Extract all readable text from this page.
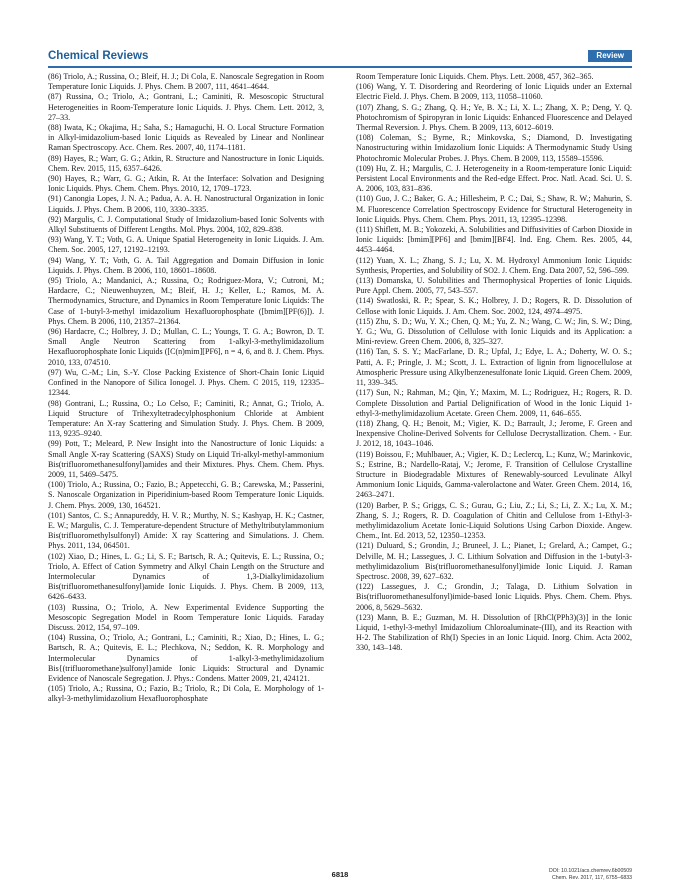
Chemical Reviews	Review

(86) Triolo, A.; Russina, O.; Bleif, H. J.; Di Cola, E. Nanoscale Segregation in Room Temperature Ionic Liquids. J. Phys. Chem. B 2007, 111, 4641–4644.

(87) Russina, O.; Triolo, A.; Gontrani, L.; Caminiti, R. Mesoscopic Structural Heterogeneities in Room-Temperature Ionic Liquids. J. Phys. Chem. Lett. 2012, 3, 27–33.

(88) Iwata, K.; Okajima, H.; Saha, S.; Hamaguchi, H. O. Local Structure Formation in Alkyl-imidazolium-based Ionic Liquids as Revealed by Linear and Nonlinear Raman Spectroscopy. Acc. Chem. Res. 2007, 40, 1174–1181.

(89) Hayes, R.; Warr, G. G.; Atkin, R. Structure and Nanostructure in Ionic Liquids. Chem. Rev. 2015, 115, 6357–6426.

(90) Hayes, R.; Warr, G. G.; Atkin, R. At the Interface: Solvation and Designing Ionic Liquids. Phys. Chem. Chem. Phys. 2010, 12, 1709–1723.

(91) Canongia Lopes, J. N. A.; Padua, A. A. H. Nanostructural Organization in Ionic Liquids. J. Phys. Chem. B 2006, 110, 3330–3335.

(92) Margulis, C. J. Computational Study of Imidazolium-based Ionic Solvents with Alkyl Substituents of Different Lengths. Mol. Phys. 2004, 102, 829–838.

(93) Wang, Y. T.; Voth, G. A. Unique Spatial Heterogeneity in Ionic Liquids. J. Am. Chem. Soc. 2005, 127, 12192–12193.

(94) Wang, Y. T.; Voth, G. A. Tail Aggregation and Domain Diffusion in Ionic Liquids. J. Phys. Chem. B 2006, 110, 18601–18608.

(95) Triolo, A.; Mandanici, A.; Russina, O.; Rodriguez-Mora, V.; Cutroni, M.; Hardacre, C.; Nieuwenhuyzen, M.; Bleif, H. J.; Keller, L.; Ramos, M. A. Thermodynamics, Structure, and Dynamics in Room Temperature Ionic Liquids: The Case of 1-butyl-3-methyl imidazolium Hexafluorophosphate ([bmim][PF(6)]). J. Phys. Chem. B 2006, 110, 21357–21364.

(96) Hardacre, C.; Holbrey, J. D.; Mullan, C. L.; Youngs, T. G. A.; Bowron, D. T. Small Angle Neutron Scattering from 1-alkyl-3-methylimidazolium Hexafluorophosphate Ionic Liquids ([C(n)mim][PF6], n = 4, 6, and 8. J. Chem. Phys. 2010, 133, 074510.

(97) Wu, C.-M.; Lin, S.-Y. Close Packing Existence of Short-Chain Ionic Liquid Confined in the Nanopore of Silica Ionogel. J. Phys. Chem. C 2015, 119, 12335–12344.

(98) Gontrani, L.; Russina, O.; Lo Celso, F.; Caminiti, R.; Annat, G.; Triolo, A. Liquid Structure of Trihexyltetradecylphosphonium Chloride at Ambient Temperature: An X-ray Scattering and Simulation Study. J. Phys. Chem. B 2009, 113, 9235–9240.

(99) Pott, T.; Meleard, P. New Insight into the Nanostructure of Ionic Liquids: a Small Angle X-ray Scattering (SAXS) Study on Liquid Tri-alkyl-methyl-ammonium Bis(trifluoromethanesulfonyl)amides and their Mixtures. Phys. Chem. Chem. Phys. 2009, 11, 5469–5475.

(100) Triolo, A.; Russina, O.; Fazio, B.; Appetecchi, G. B.; Carewska, M.; Passerini, S. Nanoscale Organization in Piperidinium-based Room Temperature Ionic Liquids. J. Chem. Phys. 2009, 130, 164521.

(101) Santos, C. S.; Annapureddy, H. V. R.; Murthy, N. S.; Kashyap, H. K.; Castner, E. W.; Margulis, C. J. Temperature-dependent Structure of Methyltributylammonium Bis(trifluoromethylsulfonyl) Amide: X ray Scattering and Simulations. J. Chem. Phys. 2011, 134, 064501.

(102) Xiao, D.; Hines, L. G.; Li, S. F.; Bartsch, R. A.; Quitevis, E. L.; Russina, O.; Triolo, A. Effect of Cation Symmetry and Alkyl Chain Length on the Structure and Intermolecular Dynamics of 1,3-Dialkylimidazolium Bis(trifluoromethanesulfonyl)amide Ionic Liquids. J. Phys. Chem. B 2009, 113, 6426–6433.

(103) Russina, O.; Triolo, A. New Experimental Evidence Supporting the Mesoscopic Segregation Model in Room Temperature Ionic Liquids. Faraday Discuss. 2012, 154, 97–109.

(104) Russina, O.; Triolo, A.; Gontrani, L.; Caminiti, R.; Xiao, D.; Hines, L. G.; Bartsch, R. A.; Quitevis, E. L.; Plechkova, N.; Seddon, K. R. Morphology and Intermolecular Dynamics of 1-alkyl-3-methylimidazolium Bis{(trifluoromethane)sulfonyl}amide Ionic Liquids: Structural and Dynamic Evidence of Nanoscale Segregation. J. Phys.: Condens. Matter 2009, 21, 424121.

(105) Triolo, A.; Russina, O.; Fazio, B.; Triolo, R.; Di Cola, E. Morphology of 1-alkyl-3-methylimidazolium Hexafluorophosphate

Room Temperature Ionic Liquids. Chem. Phys. Lett. 2008, 457, 362–365.

(106) Wang, Y. T. Disordering and Reordering of Ionic Liquids under an External Electric Field. J. Phys. Chem. B 2009, 113, 11058–11060.

(107) Zhang, S. G.; Zhang, Q. H.; Ye, B. X.; Li, X. L.; Zhang, X. P.; Deng, Y. Q. Photochromism of Spiropyran in Ionic Liquids: Enhanced Fluorescence and Delayed Thermal Reversion. J. Phys. Chem. B 2009, 113, 6012–6019.

(108) Coleman, S.; Byrne, R.; Minkovska, S.; Diamond, D. Investigating Nanostructuring within Imidazolium Ionic Liquids: A Thermodynamic Study Using Photochromic Molecular Probes. J. Phys. Chem. B 2009, 113, 15589–15596.

(109) Hu, Z. H.; Margulis, C. J. Heterogeneity in a Room-temperature Ionic Liquid: Persistent Local Environments and the Red-edge Effect. Proc. Natl. Acad. Sci. U. S. A. 2006, 103, 831–836.

(110) Guo, J. C.; Baker, G. A.; Hillesheim, P. C.; Dai, S.; Shaw, R. W.; Mahurin, S. M. Fluorescence Correlation Spectroscopy Evidence for Structural Heterogeneity in Ionic Liquids. Phys. Chem. Chem. Phys. 2011, 13, 12395–12398.

(111) Shiflett, M. B.; Yokozeki, A. Solubilities and Diffusivities of Carbon Dioxide in Ionic Liquids: [bmim][PF6] and [bmim][BF4]. Ind. Eng. Chem. Res. 2005, 44, 4453–4464.

(112) Yuan, X. L.; Zhang, S. J.; Lu, X. M. Hydroxyl Ammonium Ionic Liquids: Synthesis, Properties, and Solubility of SO2. J. Chem. Eng. Data 2007, 52, 596–599.

(113) Domanska, U. Solubilities and Thermophysical Properties of Ionic Liquids. Pure Appl. Chem. 2005, 77, 543–557.

(114) Swatloski, R. P.; Spear, S. K.; Holbrey, J. D.; Rogers, R. D. Dissolution of Cellose with Ionic Liquids. J. Am. Chem. Soc. 2002, 124, 4974–4975.

(115) Zhu, S. D.; Wu, Y. X.; Chen, Q. M.; Yu, Z. N.; Wang, C. W.; Jin, S. W.; Ding, Y. G.; Wu, G. Dissolution of Cellulose with Ionic Liquids and its Application: a Mini-review. Green Chem. 2006, 8, 325–327.

(116) Tan, S. S. Y.; MacFarlane, D. R.; Upfal, J.; Edye, L. A.; Doherty, W. O. S.; Patti, A. F.; Pringle, J. M.; Scott, J. L. Extraction of lignin from lignocellulose at Atmospheric Pressure using Alkylbenzenesulfonate Ionic Liquid. Green Chem. 2009, 11, 339–345.

(117) Sun, N.; Rahman, M.; Qin, Y.; Maxim, M. L.; Rodriguez, H.; Rogers, R. D. Complete Dissolution and Partial Delignification of Wood in the Ionic Liquid 1-ethyl-3-methylimidazolium Acetate. Green Chem. 2009, 11, 646–655.

(118) Zhang, Q. H.; Benoit, M.; Vigier, K. D.; Barrault, J.; Jerome, F. Green and Inexpensive Choline-Derived Solvents for Cellulose Decrystallization. Chem. - Eur. J. 2012, 18, 1043–1046.

(119) Boissou, F.; Muhlbauer, A.; Vigier, K. D.; Leclercq, L.; Kunz, W.; Marinkovic, S.; Estrine, B.; Nardello-Rataj, V.; Jerome, F. Transition of Cellulose Crystalline Structure in Biodegradable Mixtures of Renewably-sourced Levulinate Alkyl Ammonium Ionic Liquids, Gamma-valerolactone and Water. Green Chem. 2014, 16, 2463–2471.

(120) Barber, P. S.; Griggs, C. S.; Gurau, G.; Liu, Z.; Li, S.; Li, Z. X.; Lu, X. M.; Zhang, S. J.; Rogers, R. D. Coagulation of Chitin and Cellulose from 1-Ethyl-3-methylimidazolium Acetate Ionic-Liquid Solutions Using Carbon Dioxide. Angew. Chem., Int. Ed. 2013, 52, 12350–12353.

(121) Duluard, S.; Grondin, J.; Bruneel, J. L.; Pianet, I.; Grelard, A.; Campet, G.; Delville, M. H.; Lassegues, J. C. Lithium Solvation and Diffusion in the 1-butyl-3-methylimidazolium Bis(trifluoromethanesulfonyl)imide Ionic Liquid. J. Raman Spectrosc. 2008, 39, 627–632.

(122) Lassegues, J. C.; Grondin, J.; Talaga, D. Lithium Solvation in Bis(trifluoromethanesulfonyl)imide-based Ionic Liquids. Phys. Chem. Chem. Phys. 2006, 8, 5629–5632.

(123) Mann, B. E.; Guzman, M. H. Dissolution of [RhCl(PPh3)(3)] in the Ionic Liquid, 1-ethyl-3-methyl Imidazolium Chloroaluminate-(III), and its Reaction with H-2. The Stabilization of Rh(I) Species in an Ionic Liquid. Inorg. Chim. Acta 2002, 330, 143–148.

6818	DOI: 10.1021/acs.chemrev.6b00509
Chem. Rev. 2017, 117, 6755–6833
